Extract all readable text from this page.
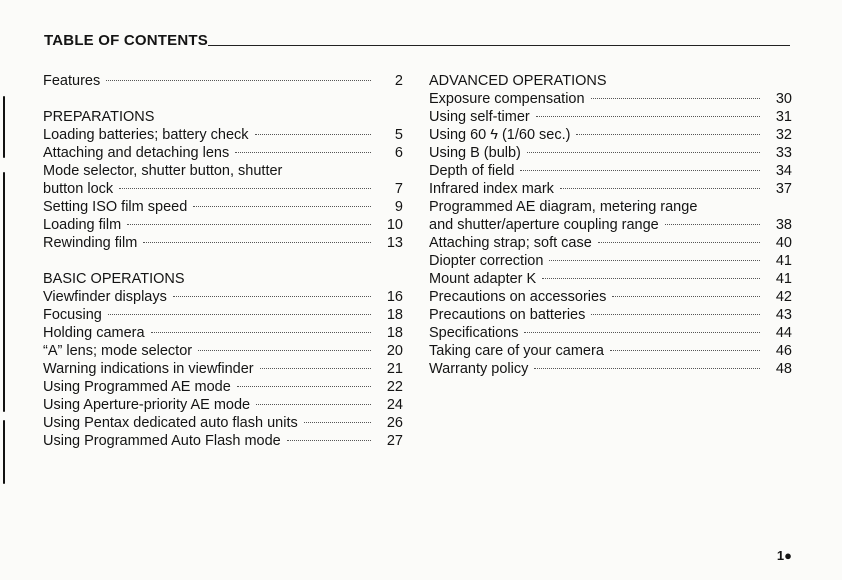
TABLE OF CONTENTS
Features	2
PREPARATIONS
Loading batteries; battery check	5
Attaching and detaching lens	6
Mode selector, shutter button, shutter
button lock	7
Setting ISO film speed	9
Loading film	10
Rewinding film	13
BASIC OPERATIONS
Viewfinder displays	16
Focusing	18
Holding camera	18
“A” lens; mode selector	20
Warning indications in viewfinder	21
Using Programmed AE mode	22
Using Aperture-priority AE mode	24
Using Pentax dedicated auto flash units	26
Using Programmed Auto Flash mode	27
ADVANCED OPERATIONS
Exposure compensation	30
Using self-timer	31
Using 60 ϟ (1/60 sec.)	32
Using B (bulb)	33
Depth of field	34
Infrared index mark	37
Programmed AE diagram, metering range
and shutter/aperture coupling range	38
Attaching strap; soft case	40
Diopter correction	41
Mount adapter K	41
Precautions on accessories	42
Precautions on batteries	43
Specifications	44
Taking care of your camera	46
Warranty policy	48
1●
